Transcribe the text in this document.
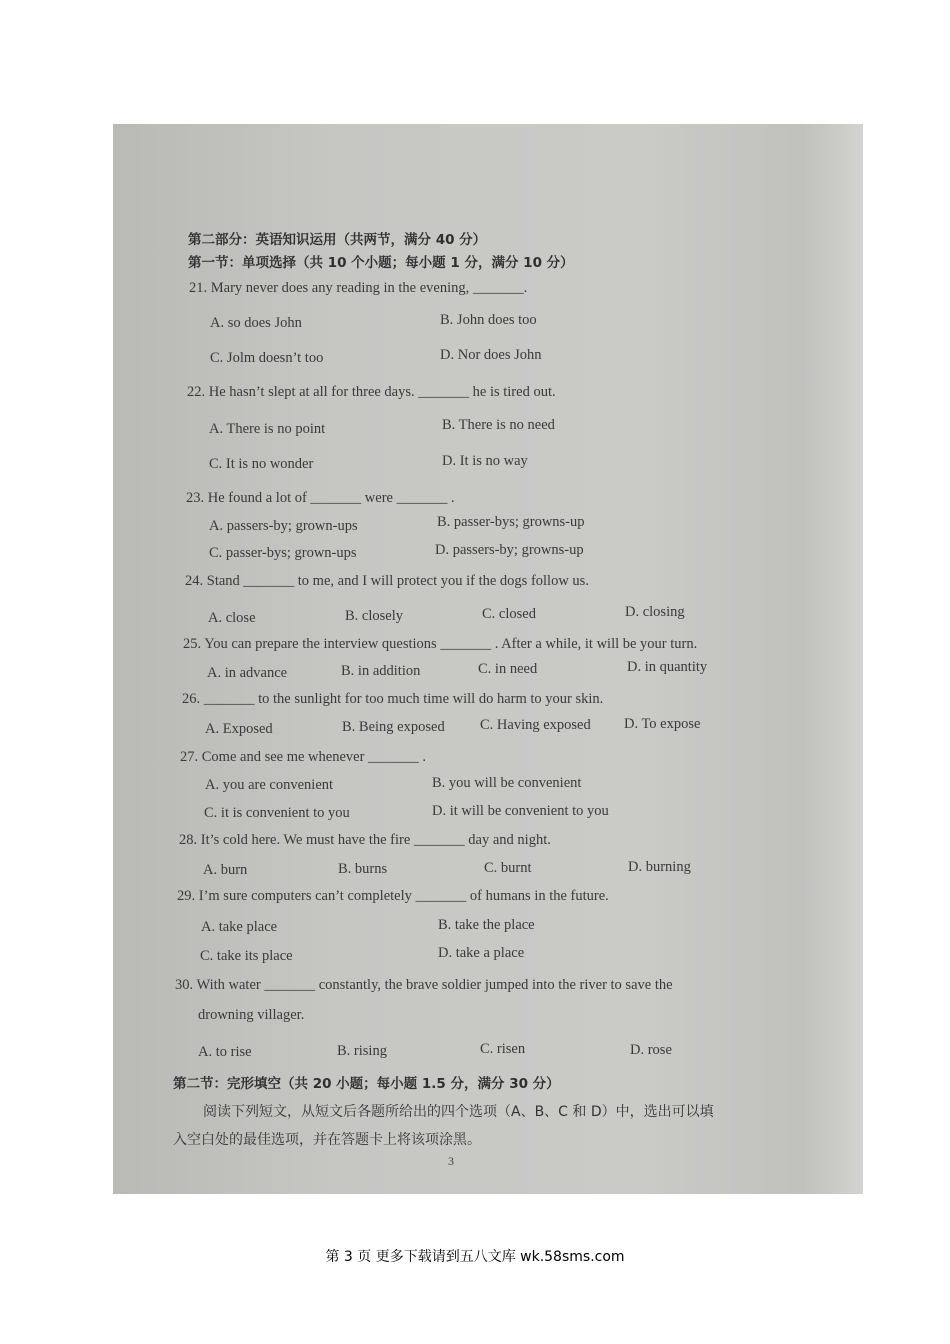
第二部分：英语知识运用（共两节，满分 40 分）
第一节：单项选择（共 10 个小题；每小题 1 分，满分 10 分）
21. Mary never does any reading in the evening, _______.
A. so does John	B. John does too
C. Jolm doesn’t too	D. Nor does John
22. He hasn’t slept at all for three days. _______ he is tired out.
A. There is no point	B. There is no need
C. It is no wonder	D. It is no way
23. He found a lot of _______ were _______ .
A. passers-by; grown-ups	B. passer-bys; growns-up
C. passer-bys; grown-ups	D. passers-by; growns-up
24. Stand _______ to me, and I will protect you if the dogs follow us.
A. close	B. closely	C. closed	D. closing
25. You can prepare the interview questions _______ . After a while, it will be your turn.
A. in advance	B. in addition	C. in need	D. in quantity
26. _______ to the sunlight for too much time will do harm to your skin.
A. Exposed	B. Being exposed C. Having exposed D. To expose
27. Come and see me whenever _______ .
A. you are convenient	B. you will be convenient
C. it is convenient to you	D. it will be convenient to you
28. It’s cold here. We must have the fire _______ day and night.
A. burn	B. burns	C. burnt	D. burning
29. I’m sure computers can’t completely _______ of humans in the future.
A. take place	B. take the place
C. take its place	D. take a place
30. With water _______ constantly, the brave soldier jumped into the river to save the
drowning villager.
A. to rise	B. rising	C. risen	D. rose
第二节：完形填空（共 20 小题；每小题 1.5 分，满分 30 分）
阅读下列短文，从短文后各题所给出的四个选项（A、B、C 和 D）中，选出可以填
入空白处的最佳选项，并在答题卡上将该项涂黑。
3
第 3 页 更多下载请到五八文库 wk.58sms.com
